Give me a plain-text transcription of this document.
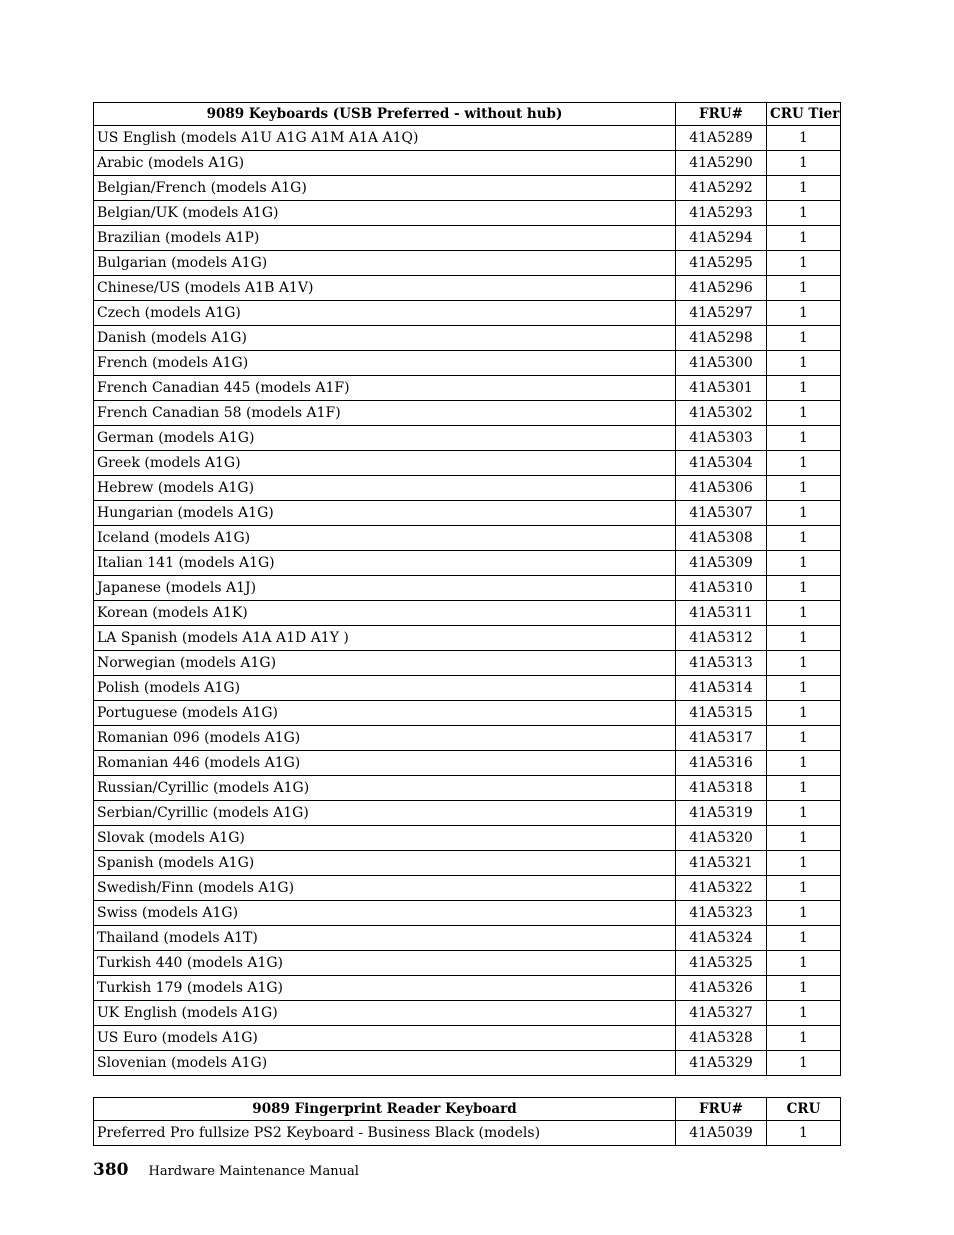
9089 Keyboards (USB Preferred - without hub)	FRU#	CRU Tier
US English (models A1U A1G A1M A1A A1Q)	41A5289	1
Arabic (models A1G)	41A5290	1
Belgian/French (models A1G)	41A5292	1
Belgian/UK (models A1G)	41A5293	1
Brazilian (models A1P)	41A5294	1
Bulgarian (models A1G)	41A5295	1
Chinese/US (models A1B A1V)	41A5296	1
Czech (models A1G)	41A5297	1
Danish (models A1G)	41A5298	1
French (models A1G)	41A5300	1
French Canadian 445 (models A1F)	41A5301	1
French Canadian 58 (models A1F)	41A5302	1
German (models A1G)	41A5303	1
Greek (models A1G)	41A5304	1
Hebrew (models A1G)	41A5306	1
Hungarian (models A1G)	41A5307	1
Iceland (models A1G)	41A5308	1
Italian 141 (models A1G)	41A5309	1
Japanese (models A1J)	41A5310	1
Korean (models A1K)	41A5311	1
LA Spanish (models A1A A1D A1Y )	41A5312	1
Norwegian (models A1G)	41A5313	1
Polish (models A1G)	41A5314	1
Portuguese (models A1G)	41A5315	1
Romanian 096 (models A1G)	41A5317	1
Romanian 446 (models A1G)	41A5316	1
Russian/Cyrillic (models A1G)	41A5318	1
Serbian/Cyrillic (models A1G)	41A5319	1
Slovak (models A1G)	41A5320	1
Spanish (models A1G)	41A5321	1
Swedish/Finn (models A1G)	41A5322	1
Swiss (models A1G)	41A5323	1
Thailand (models A1T)	41A5324	1
Turkish 440 (models A1G)	41A5325	1
Turkish 179 (models A1G)	41A5326	1
UK English (models A1G)	41A5327	1
US Euro (models A1G)	41A5328	1
Slovenian (models A1G)	41A5329	1
9089 Fingerprint Reader Keyboard	FRU#	CRU
Preferred Pro fullsize PS2 Keyboard - Business Black (models)	41A5039	1
380 Hardware Maintenance Manual
